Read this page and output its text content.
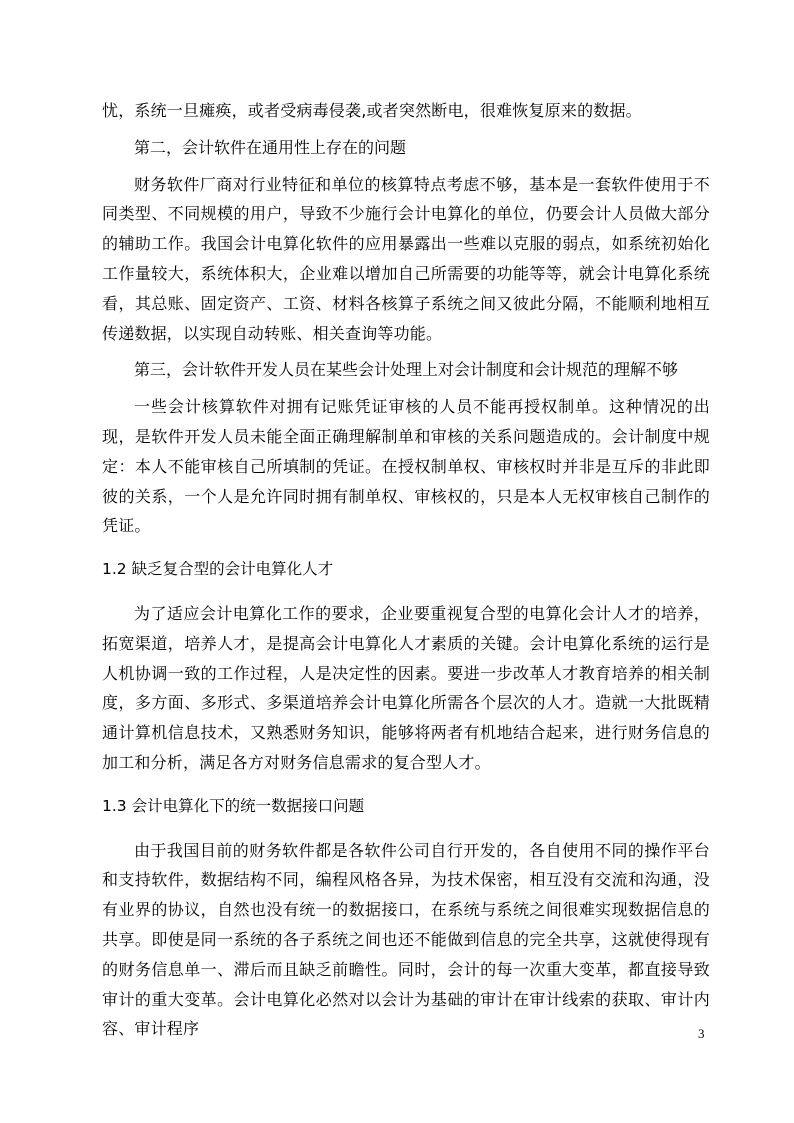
忧，系统一旦瘫痪，或者受病毒侵袭,或者突然断电，很难恢复原来的数据。

第二，会计软件在通用性上存在的问题

财务软件厂商对行业特征和单位的核算特点考虑不够，基本是一套软件使用于不同类型、不同规模的用户，导致不少施行会计电算化的单位，仍要会计人员做大部分的辅助工作。我国会计电算化软件的应用暴露出一些难以克服的弱点，如系统初始化工作量较大，系统体积大，企业难以增加自己所需要的功能等等，就会计电算化系统看，其总账、固定资产、工资、材料各核算子系统之间又彼此分隔，不能顺利地相互传递数据，以实现自动转账、相关查询等功能。

第三，会计软件开发人员在某些会计处理上对会计制度和会计规范的理解不够

一些会计核算软件对拥有记账凭证审核的人员不能再授权制单。这种情况的出现，是软件开发人员未能全面正确理解制单和审核的关系问题造成的。会计制度中规定：本人不能审核自己所填制的凭证。在授权制单权、审核权时并非是互斥的非此即彼的关系，一个人是允许同时拥有制单权、审核权的，只是本人无权审核自己制作的凭证。

1.2 缺乏复合型的会计电算化人才

为了适应会计电算化工作的要求，企业要重视复合型的电算化会计人才的培养，拓宽渠道，培养人才，是提高会计电算化人才素质的关键。会计电算化系统的运行是人机协调一致的工作过程，人是决定性的因素。要进一步改革人才教育培养的相关制度，多方面、多形式、多渠道培养会计电算化所需各个层次的人才。造就一大批既精通计算机信息技术，又熟悉财务知识，能够将两者有机地结合起来，进行财务信息的加工和分析，满足各方对财务信息需求的复合型人才。

1.3 会计电算化下的统一数据接口问题

由于我国目前的财务软件都是各软件公司自行开发的，各自使用不同的操作平台和支持软件，数据结构不同，编程风格各异，为技术保密，相互没有交流和沟通，没有业界的协议，自然也没有统一的数据接口，在系统与系统之间很难实现数据信息的共享。即使是同一系统的各子系统之间也还不能做到信息的完全共享，这就使得现有的财务信息单一、滞后而且缺乏前瞻性。同时，会计的每一次重大变革，都直接导致审计的重大变革。会计电算化必然对以会计为基础的审计在审计线索的获取、审计内容、审计程序	3
